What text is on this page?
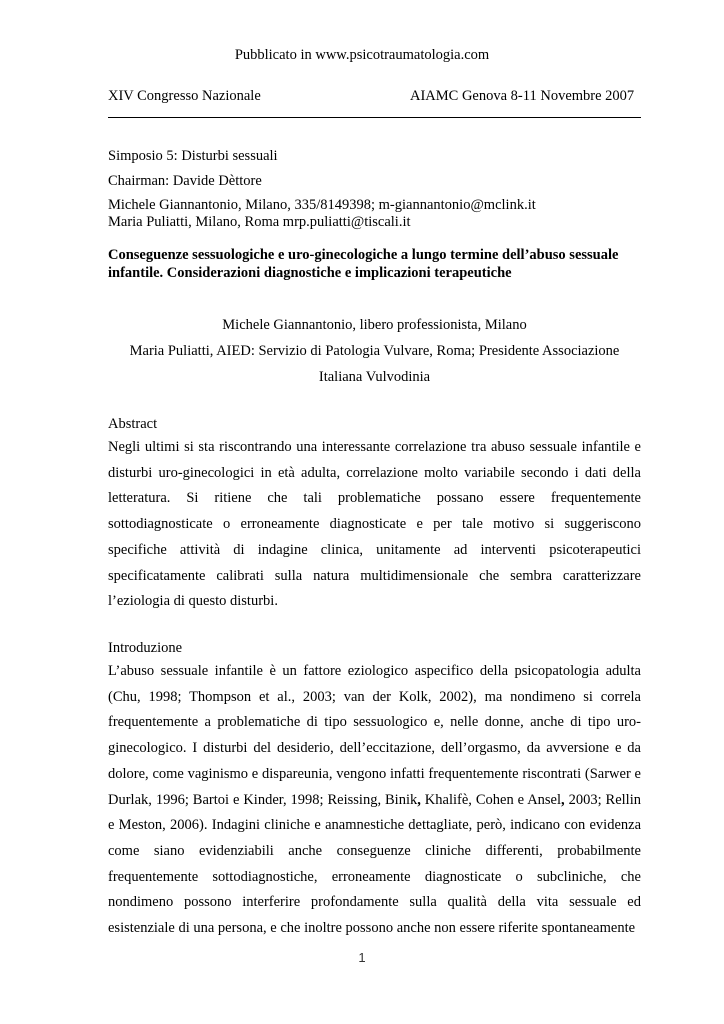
Pubblicato in www.psicotraumatologia.com
XIV Congresso Nazionale	AIAMC Genova 8-11 Novembre 2007
Simposio 5: Disturbi sessuali
Chairman: Davide Dèttore
Michele Giannantonio, Milano, 335/8149398; m-giannantonio@mclink.it
Maria Puliatti, Milano, Roma mrp.puliatti@tiscali.it
Conseguenze sessuologiche e uro-ginecologiche a lungo termine dell’abuso sessuale infantile. Considerazioni diagnostiche e implicazioni terapeutiche
Michele Giannantonio, libero professionista, Milano
Maria Puliatti, AIED: Servizio di Patologia Vulvare, Roma; Presidente Associazione
Italiana Vulvodinia
Abstract

Negli ultimi si sta riscontrando una interessante correlazione tra abuso sessuale infantile e disturbi uro-ginecologici in età adulta, correlazione molto variabile secondo i dati della letteratura. Si ritiene che tali problematiche possano essere frequentemente sottodiagnosticate o erroneamente diagnosticate e per tale motivo si suggeriscono specifiche attività di indagine clinica, unitamente ad interventi psicoterapeutici specificatamente calibrati sulla natura multidimensionale che sembra caratterizzare l’eziologia di questo disturbi.

Introduzione

L’abuso sessuale infantile è un fattore eziologico aspecifico della psicopatologia adulta (Chu, 1998; Thompson et al., 2003; van der Kolk, 2002), ma nondimeno si correla frequentemente a problematiche di tipo sessuologico e, nelle donne, anche di tipo uro-ginecologico. I disturbi del desiderio, dell’eccitazione, dell’orgasmo, da avversione e da dolore, come vaginismo e dispareunia, vengono infatti frequentemente riscontrati (Sarwer e Durlak, 1996; Bartoi e Kinder, 1998; Reissing, Binik, Khalifè, Cohen e Ansel, 2003; Rellin e Meston, 2006). Indagini cliniche e anamnestiche dettagliate, però, indicano con evidenza come siano evidenziabili anche conseguenze cliniche differenti, probabilmente frequentemente sottodiagnostiche, erroneamente diagnosticate o subcliniche, che nondimeno possono interferire profondamente sulla qualità della vita sessuale ed esistenziale di una persona, e che inoltre possono anche non essere riferite spontaneamente

1
